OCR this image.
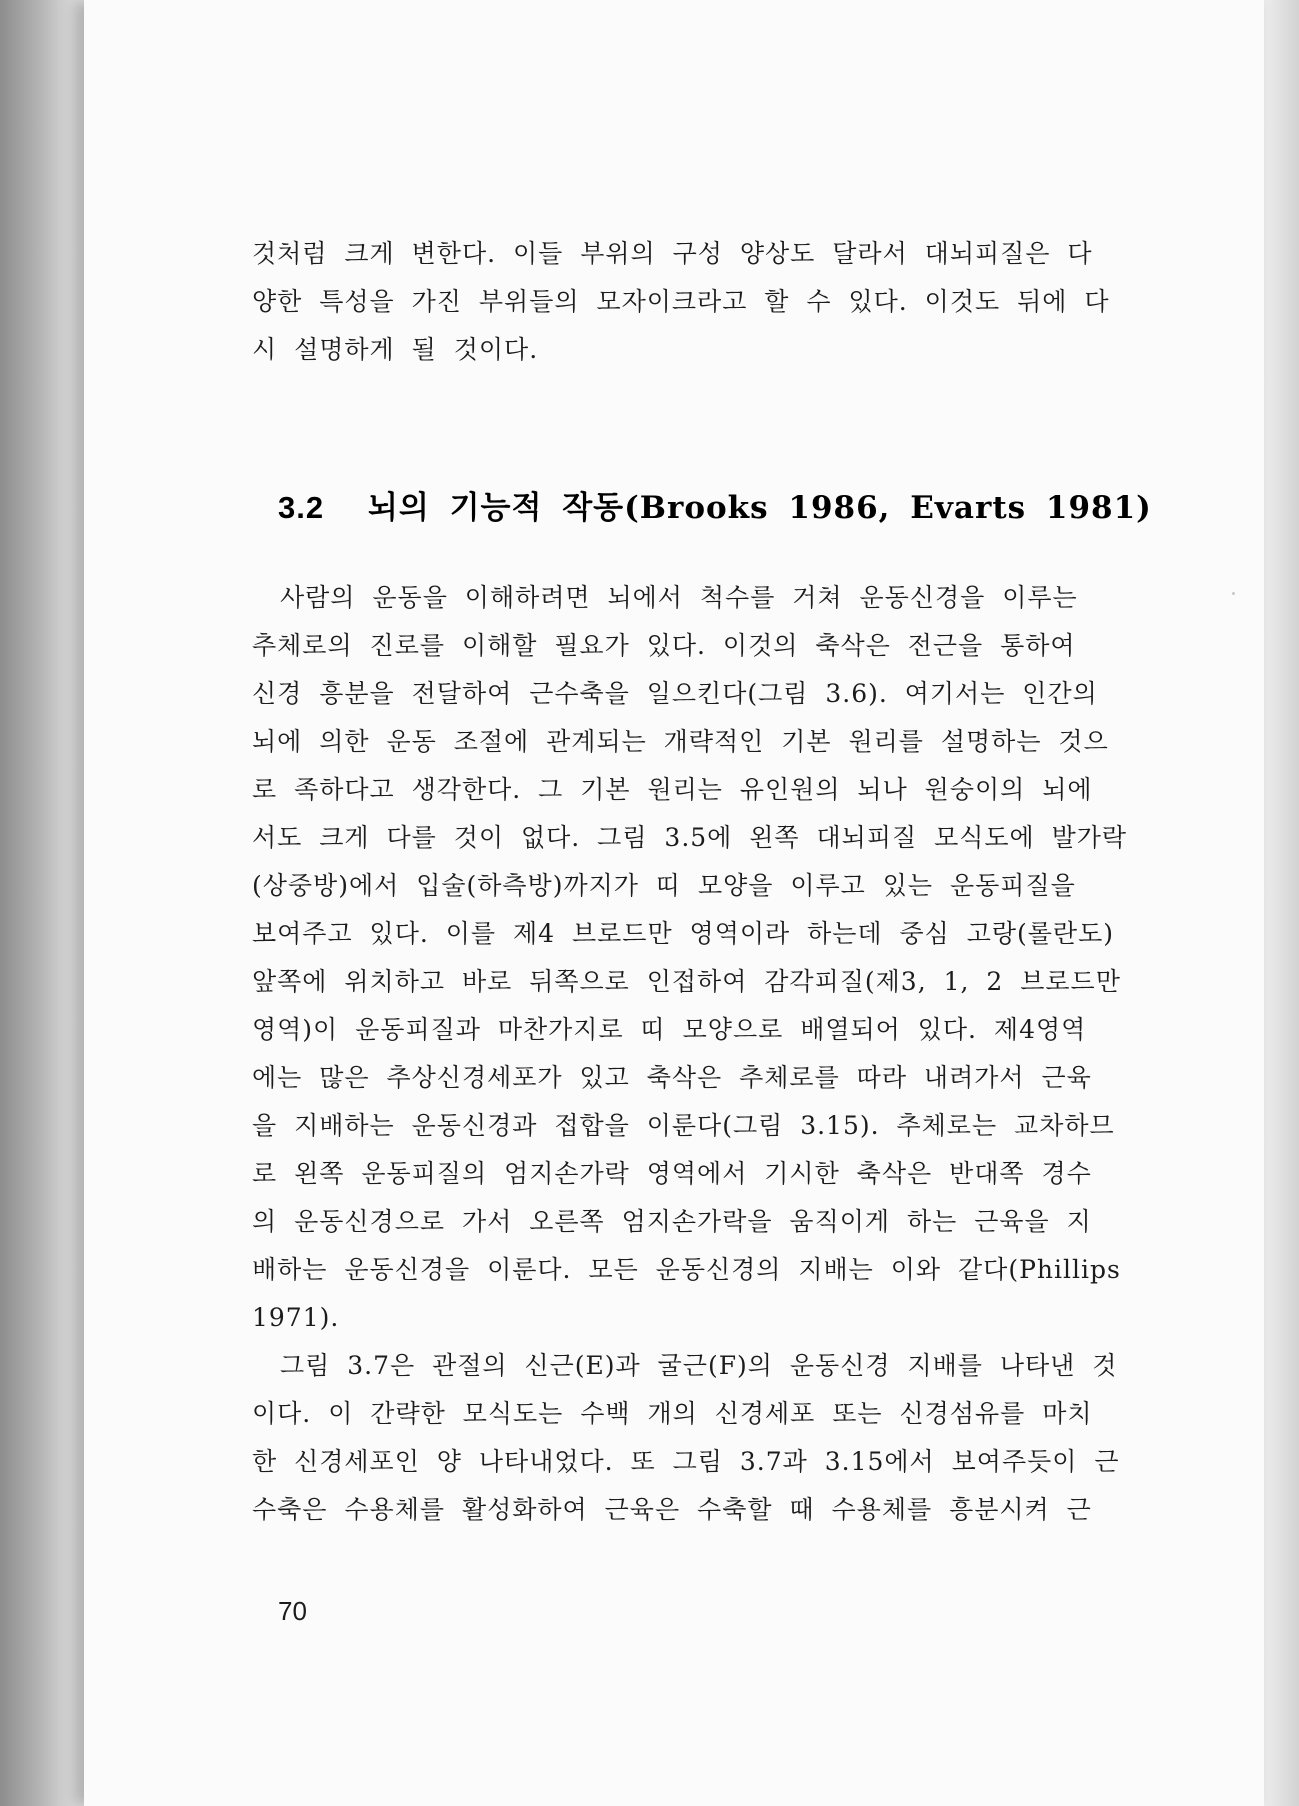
것처럼 크게 변한다. 이들 부위의 구성 양상도 달라서 대뇌피질은 다
양한 특성을 가진 부위들의 모자이크라고 할 수 있다. 이것도 뒤에 다
시 설명하게 될 것이다.

3.2 뇌의 기능적 작동(Brooks 1986, Evarts 1981)

사람의 운동을 이해하려면 뇌에서 척수를 거쳐 운동신경을 이루는
추체로의 진로를 이해할 필요가 있다. 이것의 축삭은 전근을 통하여
신경 흥분을 전달하여 근수축을 일으킨다(그림 3.6). 여기서는 인간의
뇌에 의한 운동 조절에 관계되는 개략적인 기본 원리를 설명하는 것으
로 족하다고 생각한다. 그 기본 원리는 유인원의 뇌나 원숭이의 뇌에
서도 크게 다를 것이 없다. 그림 3.5에 왼쪽 대뇌피질 모식도에 발가락
(상중방)에서 입술(하측방)까지가 띠 모양을 이루고 있는 운동피질을
보여주고 있다. 이를 제4 브로드만 영역이라 하는데 중심 고랑(롤란도)
앞쪽에 위치하고 바로 뒤쪽으로 인접하여 감각피질(제3, 1, 2 브로드만
영역)이 운동피질과 마찬가지로 띠 모양으로 배열되어 있다. 제4영역
에는 많은 추상신경세포가 있고 축삭은 추체로를 따라 내려가서 근육
을 지배하는 운동신경과 접합을 이룬다(그림 3.15). 추체로는 교차하므
로 왼쪽 운동피질의 엄지손가락 영역에서 기시한 축삭은 반대쪽 경수
의 운동신경으로 가서 오른쪽 엄지손가락을 움직이게 하는 근육을 지
배하는 운동신경을 이룬다. 모든 운동신경의 지배는 이와 같다(Phillips
1971).

그림 3.7은 관절의 신근(E)과 굴근(F)의 운동신경 지배를 나타낸 것
이다. 이 간략한 모식도는 수백 개의 신경세포 또는 신경섬유를 마치
한 신경세포인 양 나타내었다. 또 그림 3.7과 3.15에서 보여주듯이 근
수축은 수용체를 활성화하여 근육은 수축할 때 수용체를 흥분시켜 근

70
